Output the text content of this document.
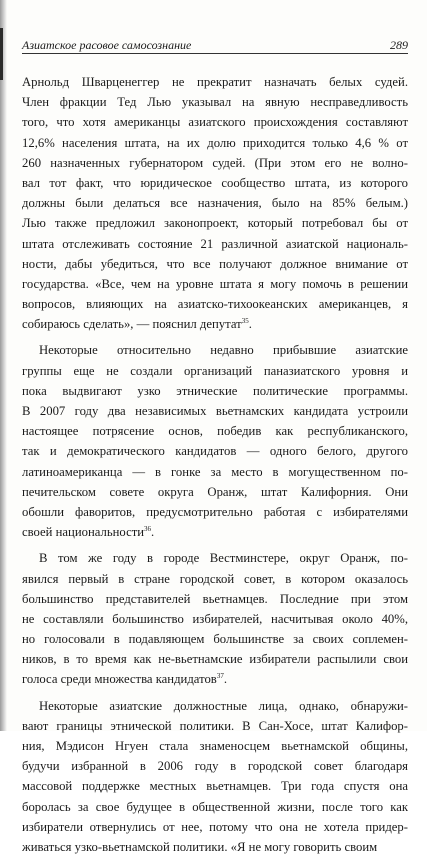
Азиатское расовое самосознание	289
Арнольд Шварценеггер не прекратит назначать белых судей.
Член фракции Тед Лью указывал на явную несправедливость
того, что хотя американцы азиатского происхождения составляют
12,6% населения штата, на их долю приходится только 4,6 % от
260 назначенных губернатором судей. (При этом его не волно-
вал тот факт, что юридическое сообщество штата, из которого
должны были делаться все назначения, было на 85% белым.)
Лью также предложил законопроект, который потребовал бы от
штата отслеживать состояние 21 различной азиатской националь-
ности, дабы убедиться, что все получают должное внимание от
государства. «Все, чем на уровне штата я могу помочь в решении
вопросов, влияющих на азиатско-тихоокеанских американцев, я
собираюсь сделать», — пояснил депутат$^{35}$.
Некоторые относительно недавно прибывшие азиатские
группы еще не создали организаций паназиатского уровня и
пока выдвигают узко этнические политические программы.
В 2007 году два независимых вьетнамских кандидата устроили
настоящее потрясение основ, победив как республиканского,
так и демократического кандидатов — одного белого, другого
латиноамериканца — в гонке за место в могущественном по-
печительском совете округа Оранж, штат Калифорния. Они
обошли фаворитов, предусмотрительно работая с избирателями
своей национальности$^{36}$.
В том же году в городе Вестминстере, округ Оранж, по-
явился первый в стране городской совет, в котором оказалось
большинство представителей вьетнамцев. Последние при этом
не составляли большинство избирателей, насчитывая около 40%,
но голосовали в подавляющем большинстве за своих соплемен-
ников, в то время как не-вьетнамские избиратели распылили свои
голоса среди множества кандидатов$^{37}$.
Некоторые азиатские должностные лица, однако, обнаружи-
вают границы этнической политики. В Сан-Хосе, штат Калифор-
ния, Мэдисон Нгуен стала знаменосцем вьетнамской общины,
будучи избранной в 2006 году в городской совет благодаря
массовой поддержке местных вьетнамцев. Три года спустя она
боролась за свое будущее в общественной жизни, после того как
избиратели отвернулись от нее, потому что она не хотела придер-
живаться узко-вьетнамской политики. «Я не могу говорить своим
